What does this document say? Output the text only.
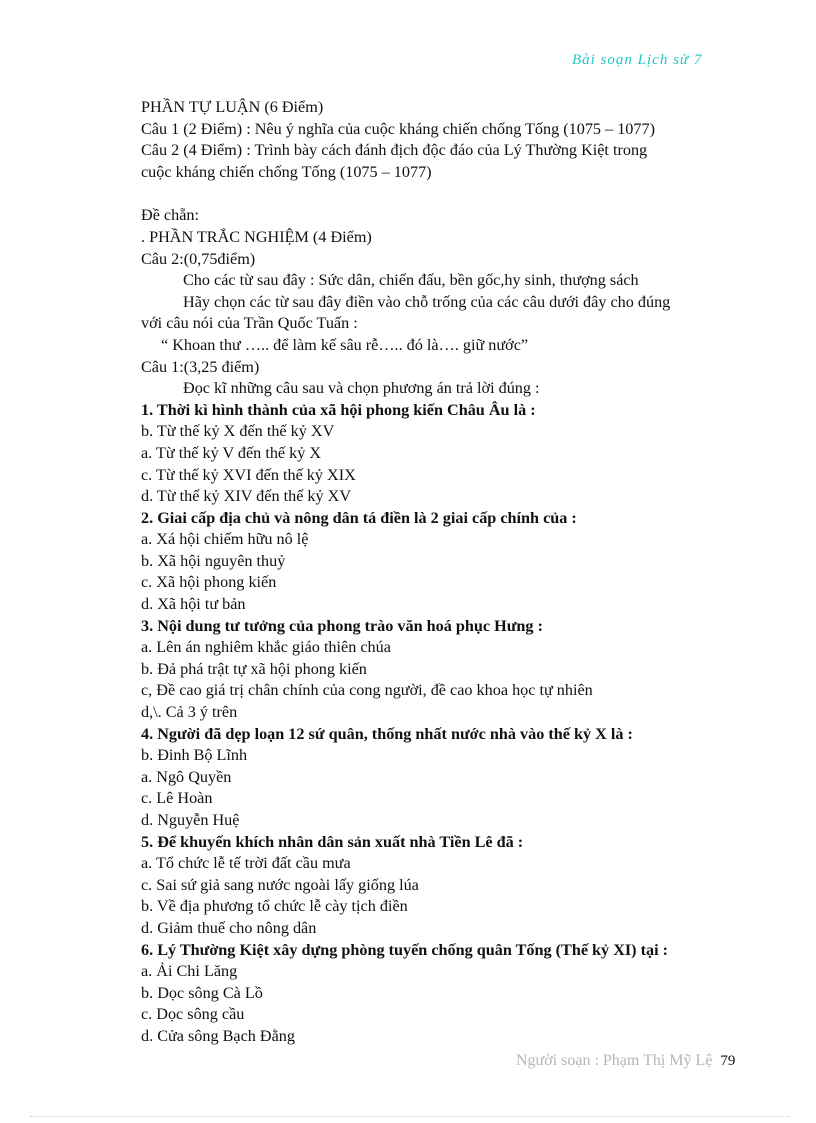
Bài soạn Lịch sử 7
PHẦN TỰ LUẬN (6 Điểm)
Câu 1 (2 Điểm) : Nêu ý nghĩa của cuộc kháng chiến chống Tống (1075 – 1077)
Câu 2 (4 Điểm) : Trình bày cách đánh địch độc đáo của Lý Thường Kiệt trong
cuộc kháng chiến chống Tống (1075 – 1077)
Đề chẵn:
. PHẦN TRẮC NGHIỆM (4 Điểm)
Câu 2:(0,75điểm)
Cho các từ sau đây : Sức dân, chiến đấu, bền gốc,hy sinh, thượng sách
Hãy chọn các từ sau đây điền vào chỗ trống của các câu dưới đây cho đúng
với câu nói của Trần Quốc Tuấn :
“ Khoan thư ….. để làm kế sâu rễ….. đó là…. giữ nước”
Câu 1:(3,25 điểm)
Đọc kĩ những câu sau và chọn phương án trả lời đúng :
1. Thời kì hình thành của xã hội phong kiến Châu Âu là :
b. Từ thế kỷ X đến thế kỷ XV
a. Từ thế kỷ V đến thế kỷ X
c. Từ thế kỷ XVI đến thế kỷ XIX
d. Từ thế kỷ XIV đến thế kỷ XV
2. Giai cấp địa chủ và nông dân tá điền là 2 giai cấp chính của :
a. Xá hội chiếm hữu nô lệ
b. Xã hội nguyên thuỷ
c. Xã hội phong kiến
d. Xã hội tư bản
3. Nội dung tư tưởng của phong trào văn hoá phục Hưng :
a. Lên án nghiêm khắc giáo thiên chúa
b. Đả phá trật tự xã hội phong kiến
c, Đề cao giá trị chân chính của cong người, đề cao khoa học tự nhiên
d,\. Cả 3 ý trên
4. Người đã dẹp loạn 12 sứ quân, thống nhất nước nhà vào thế kỷ X là :
b. Đinh Bộ Lĩnh
a. Ngô Quyền
c. Lê Hoàn
d. Nguyễn Huệ
5. Để khuyến khích nhân dân sản xuất nhà Tiền Lê đã :
a. Tổ chức lễ tế trời đất cầu mưa
c. Sai sứ giả sang nước ngoài lấy giống lúa
b. Về địa phương tổ chức lễ cày tịch điền
d. Giảm thuế cho nông dân
6. Lý Thường Kiệt xây dựng phòng tuyến chống quân Tống (Thế kỷ XI) tại :
a. Ải Chi Lăng
b. Dọc sông Cà Lồ
c. Dọc sông cầu
d. Cửa sông Bạch Đằng
Người soạn : Phạm Thị Mỹ Lệ 79
